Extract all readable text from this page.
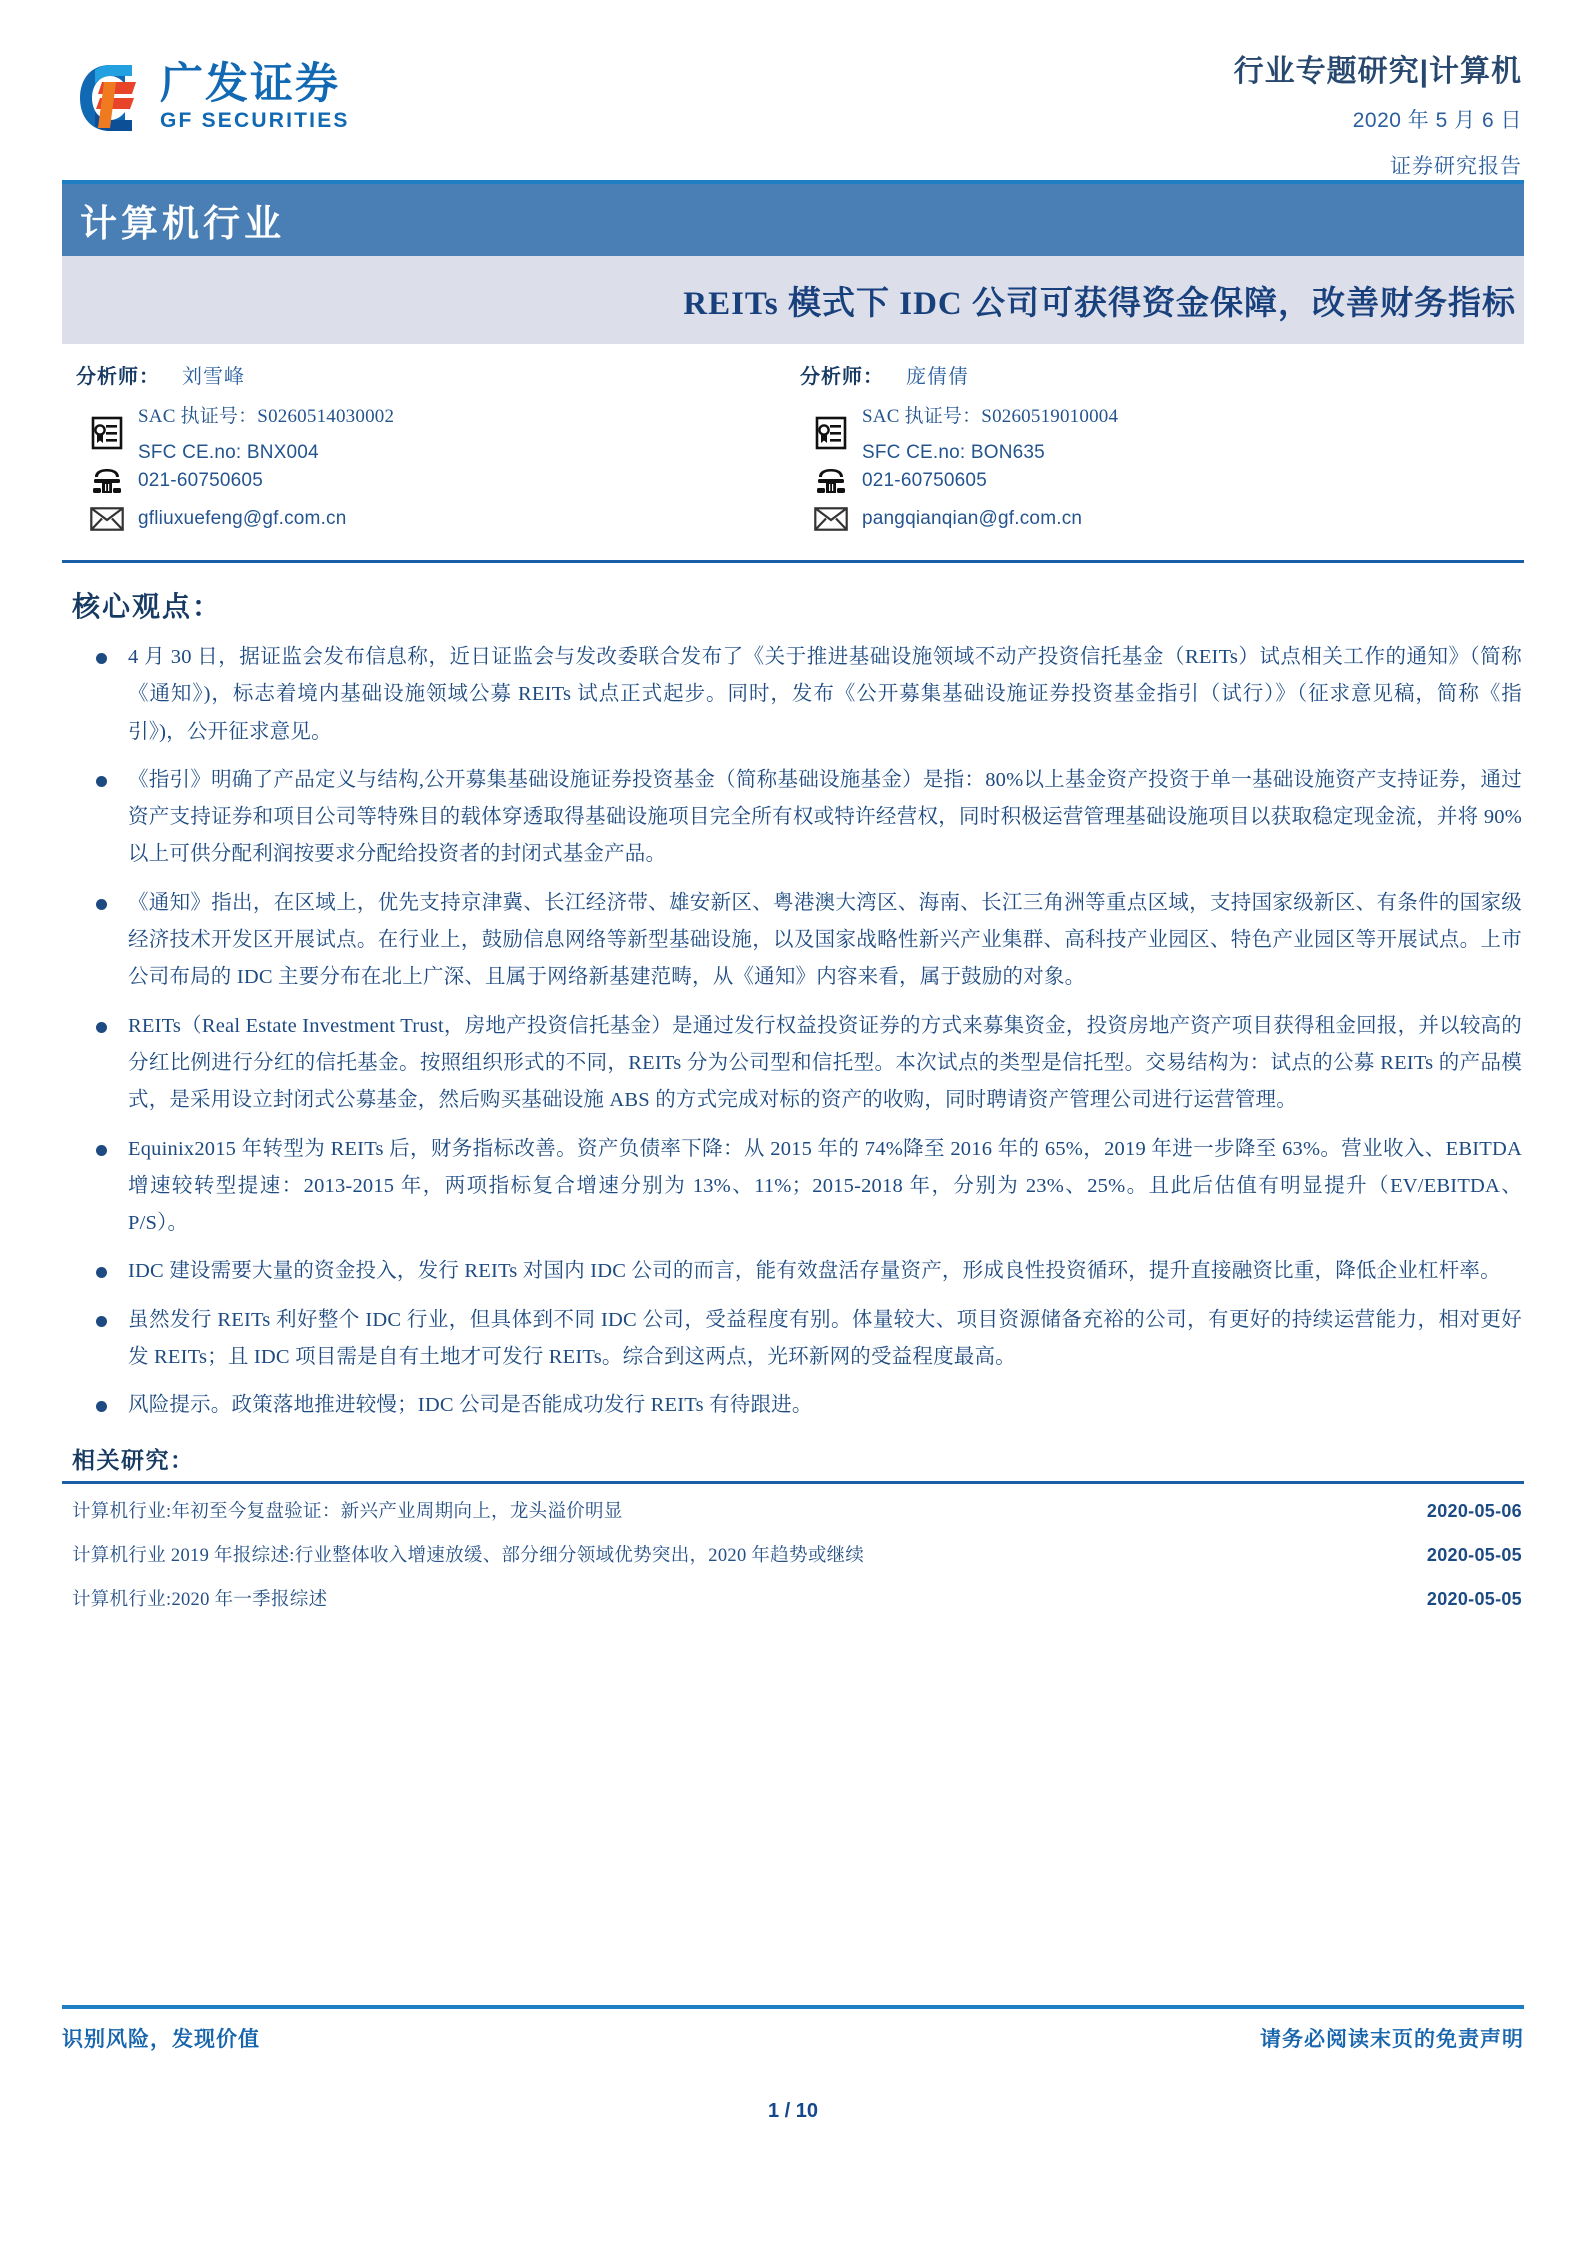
广发证券
GF SECURITIES
行业专题研究|计算机
2020 年 5 月 6 日
证券研究报告
计算机行业
REITs 模式下 IDC 公司可获得资金保障，改善财务指标
分析师：	刘雪峰
SAC 执证号：S0260514030002
SFC CE.no: BNX004
021-60750605
gfliuxuefeng@gf.com.cn
分析师：	庞倩倩
SAC 执证号：S0260519010004
SFC CE.no: BON635
021-60750605
pangqianqian@gf.com.cn
核心观点：
4 月 30 日，据证监会发布信息称，近日证监会与发改委联合发布了《关于推进基础设施领域不动产投资信托基金（REITs）试点相关工作的通知》（简称《通知》)，标志着境内基础设施领域公募 REITs 试点正式起步。同时，发布《公开募集基础设施证券投资基金指引（试行）》（征求意见稿，简称《指引》)，公开征求意见。
《指引》明确了产品定义与结构,公开募集基础设施证券投资基金（简称基础设施基金）是指：80%以上基金资产投资于单一基础设施资产支持证券，通过资产支持证券和项目公司等特殊目的载体穿透取得基础设施项目完全所有权或特许经营权，同时积极运营管理基础设施项目以获取稳定现金流，并将 90%以上可供分配利润按要求分配给投资者的封闭式基金产品。
《通知》指出，在区域上，优先支持京津冀、长江经济带、雄安新区、粤港澳大湾区、海南、长江三角洲等重点区域，支持国家级新区、有条件的国家级经济技术开发区开展试点。在行业上，鼓励信息网络等新型基础设施，以及国家战略性新兴产业集群、高科技产业园区、特色产业园区等开展试点。上市公司布局的 IDC 主要分布在北上广深、且属于网络新基建范畴，从《通知》内容来看，属于鼓励的对象。
REITs（Real Estate Investment Trust，房地产投资信托基金）是通过发行权益投资证券的方式来募集资金，投资房地产资产项目获得租金回报，并以较高的分红比例进行分红的信托基金。按照组织形式的不同，REITs 分为公司型和信托型。本次试点的类型是信托型。交易结构为：试点的公募 REITs 的产品模式，是采用设立封闭式公募基金，然后购买基础设施 ABS 的方式完成对标的资产的收购，同时聘请资产管理公司进行运营管理。
Equinix2015 年转型为 REITs 后，财务指标改善。资产负债率下降：从 2015 年的 74%降至 2016 年的 65%，2019 年进一步降至 63%。营业收入、EBITDA 增速较转型提速：2013-2015 年，两项指标复合增速分别为 13%、11%；2015-2018 年，分别为 23%、25%。且此后估值有明显提升（EV/EBITDA、P/S）。
IDC 建设需要大量的资金投入，发行 REITs 对国内 IDC 公司的而言，能有效盘活存量资产，形成良性投资循环，提升直接融资比重，降低企业杠杆率。
虽然发行 REITs 利好整个 IDC 行业，但具体到不同 IDC 公司，受益程度有别。体量较大、项目资源储备充裕的公司，有更好的持续运营能力，相对更好发 REITs；且 IDC 项目需是自有土地才可发行 REITs。综合到这两点，光环新网的受益程度最高。
风险提示。政策落地推进较慢；IDC 公司是否能成功发行 REITs 有待跟进。
相关研究：
计算机行业:年初至今复盘验证：新兴产业周期向上，龙头溢价明显	2020-05-06
计算机行业 2019 年报综述:行业整体收入增速放缓、部分细分领域优势突出，2020 年趋势或继续	2020-05-05
计算机行业:2020 年一季报综述	2020-05-05
识别风险，发现价值	请务必阅读末页的免责声明
1 / 10
